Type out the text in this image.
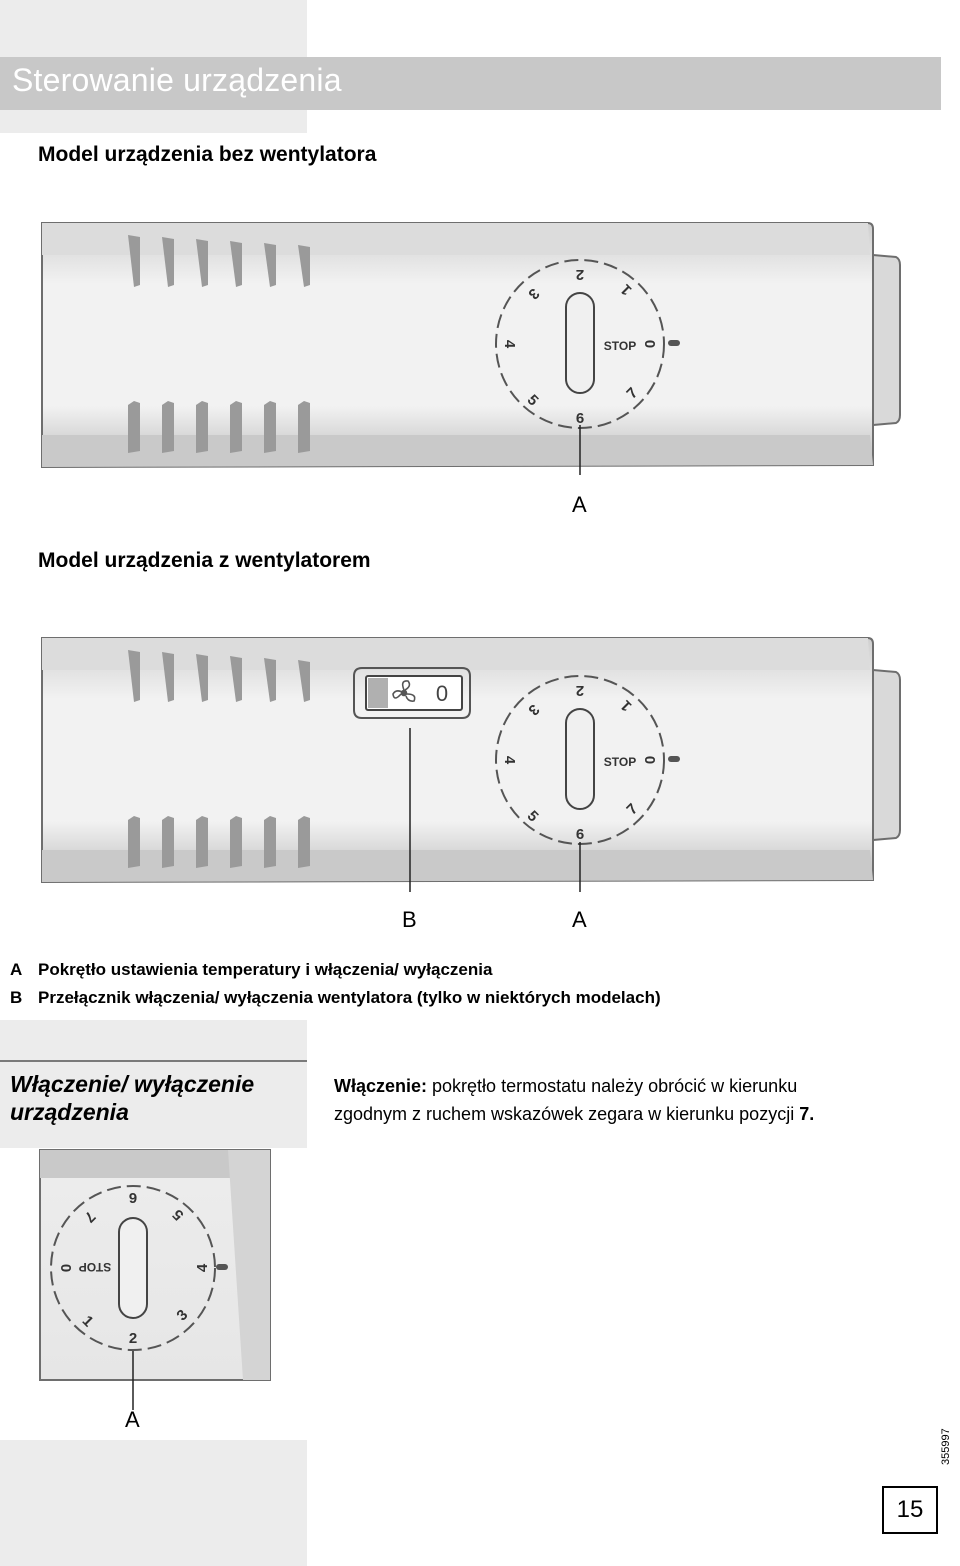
Sterowanie urządzenia
Model urządzenia bez wentylatora
2
1
0
7
6
5
4
3
STOP
A
Model urządzenia z wentylatorem
0	2
1
0
7
6
5
4
3
STOP
B	A
A Pokrętło ustawienia temperatury i włączenia/ wyłączenia
B Przełącznik włączenia/ wyłączenia wentylatora (tylko w niektórych modelach)
Włączenie/ wyłączenie urządzenia
Włączenie: pokrętło termostatu należy obrócić w kierunku
zgodnym z ruchem wskazówek zegara w kierunku pozycji 7.
6
5
4
3
2
1
0
7
STOP
A
355997
15
